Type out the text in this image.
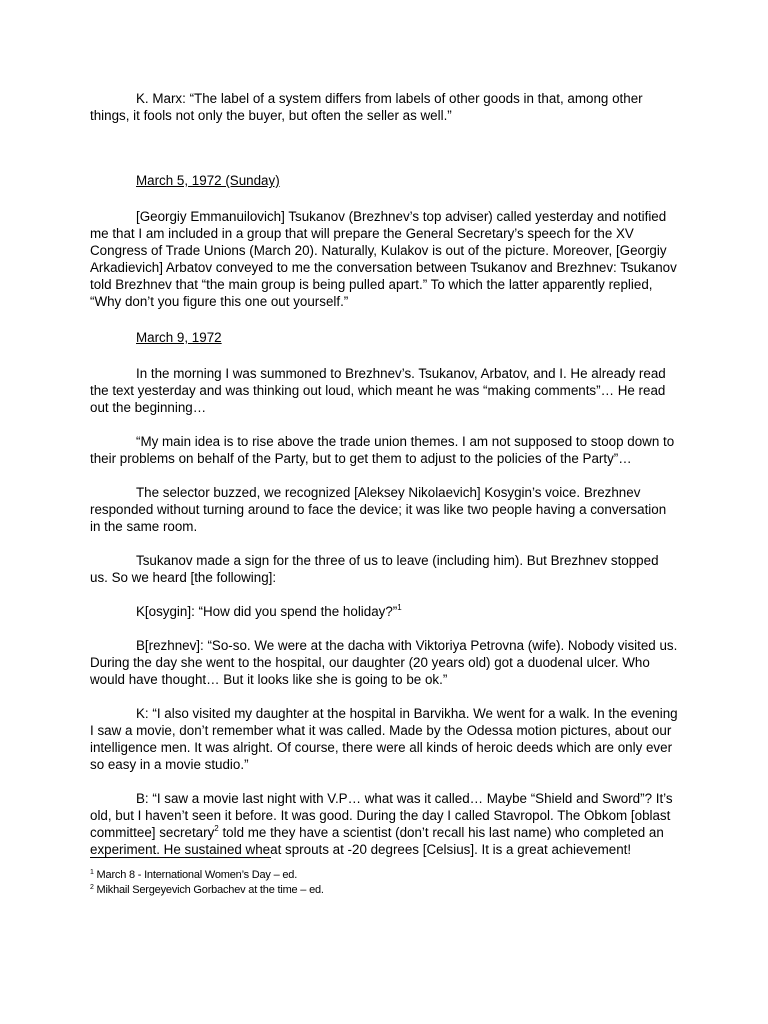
K. Marx: “The label of a system differs from labels of other goods in that, among other things, it fools not only the buyer, but often the seller as well.”

March 5, 1972 (Sunday)

[Georgiy Emmanuilovich] Tsukanov (Brezhnev’s top adviser) called yesterday and notified me that I am included in a group that will prepare the General Secretary’s speech for the XV Congress of Trade Unions (March 20). Naturally, Kulakov is out of the picture. Moreover, [Georgiy Arkadievich] Arbatov conveyed to me the conversation between Tsukanov and Brezhnev: Tsukanov told Brezhnev that “the main group is being pulled apart.” To which the latter apparently replied, “Why don’t you figure this one out yourself.”

March 9, 1972

In the morning I was summoned to Brezhnev’s. Tsukanov, Arbatov, and I. He already read the text yesterday and was thinking out loud, which meant he was “making comments”… He read out the beginning…

“My main idea is to rise above the trade union themes. I am not supposed to stoop down to their problems on behalf of the Party, but to get them to adjust to the policies of the Party”…

The selector buzzed, we recognized [Aleksey Nikolaevich] Kosygin’s voice. Brezhnev responded without turning around to face the device; it was like two people having a conversation in the same room.

Tsukanov made a sign for the three of us to leave (including him). But Brezhnev stopped us. So we heard [the following]:

K[osygin]: “How did you spend the holiday?”$^1$

B[rezhnev]: “So-so. We were at the dacha with Viktoriya Petrovna (wife). Nobody visited us. During the day she went to the hospital, our daughter (20 years old) got a duodenal ulcer. Who would have thought… But it looks like she is going to be ok.”

K: “I also visited my daughter at the hospital in Barvikha. We went for a walk. In the evening I saw a movie, don’t remember what it was called. Made by the Odessa motion pictures, about our intelligence men. It was alright. Of course, there were all kinds of heroic deeds which are only ever so easy in a movie studio.”

B: “I saw a movie last night with V.P… what was it called… Maybe “Shield and Sword”? It’s old, but I haven’t seen it before. It was good. During the day I called Stavropol. The Obkom [oblast committee] secretary$^2$ told me they have a scientist (don’t recall his last name) who completed an experiment. He sustained wheat sprouts at -20 degrees [Celsius]. It is a great achievement!

$^1$ March 8 - International Women’s Day – ed.

$^2$ Mikhail Sergeyevich Gorbachev at the time – ed.
